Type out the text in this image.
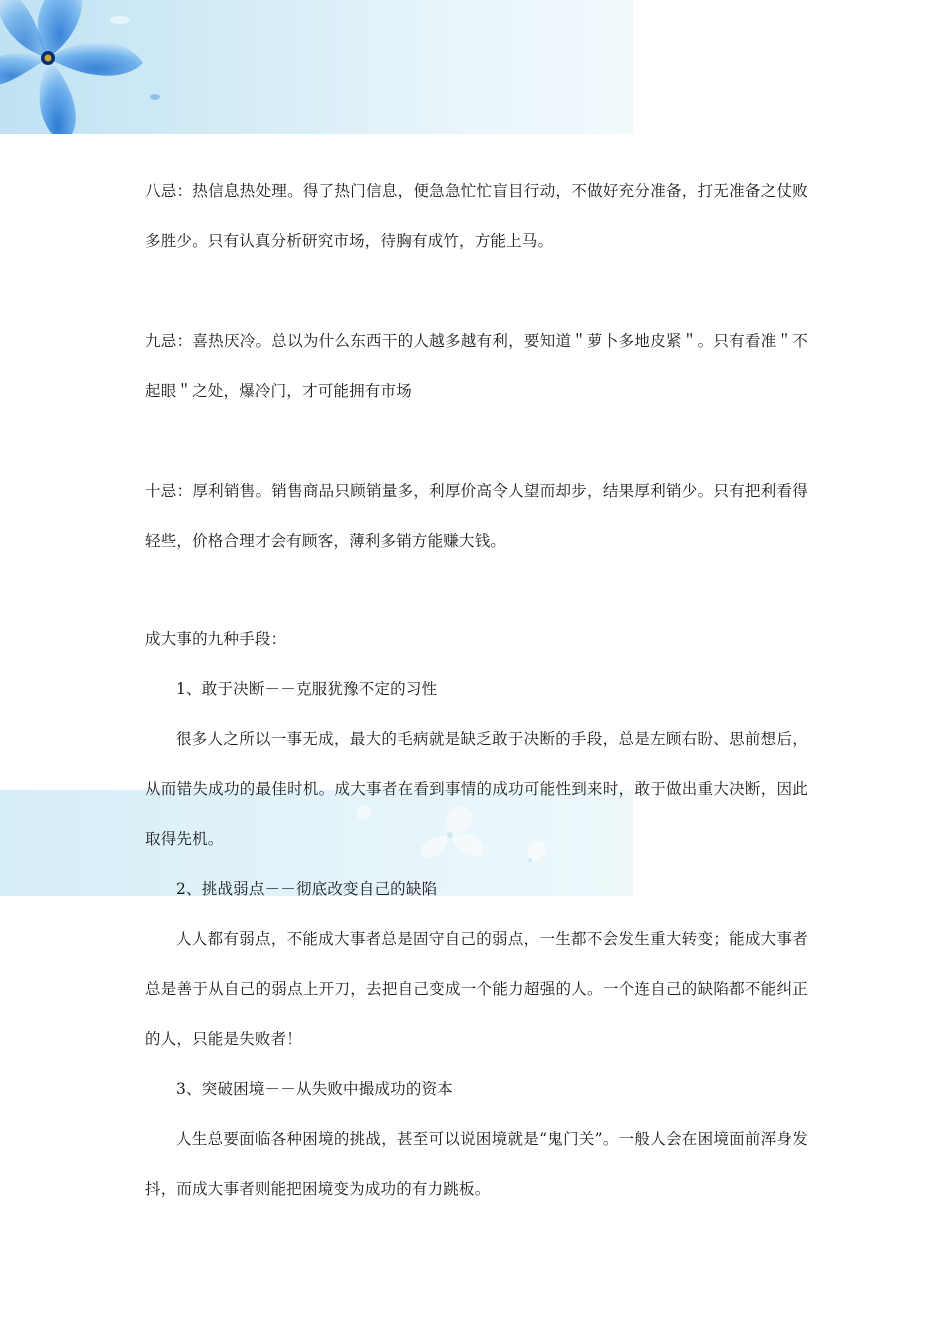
八忌：热信息热处理。得了热门信息，便急急忙忙盲目行动，不做好充分准备，打无准备之仗败多胜少。只有认真分析研究市场，待胸有成竹，方能上马。

九忌：喜热厌冷。总以为什么东西干的人越多越有利，要知道＂萝卜多地皮紧＂。只有看准＂不起眼＂之处，爆冷门，才可能拥有市场

十忌：厚利销售。销售商品只顾销量多，利厚价高令人望而却步，结果厚利销少。只有把利看得轻些，价格合理才会有顾客，薄利多销方能赚大钱。

成大事的九种手段：

1、敢于决断－－克服犹豫不定的习性

很多人之所以一事无成，最大的毛病就是缺乏敢于决断的手段，总是左顾右盼、思前想后，从而错失成功的最佳时机。成大事者在看到事情的成功可能性到来时，敢于做出重大决断，因此取得先机。

2、挑战弱点－－彻底改变自己的缺陷

人人都有弱点，不能成大事者总是固守自己的弱点，一生都不会发生重大转变；能成大事者总是善于从自己的弱点上开刀，去把自己变成一个能力超强的人。一个连自己的缺陷都不能纠正的人，只能是失败者！

3、突破困境－－从失败中撮成功的资本

人生总要面临各种困境的挑战，甚至可以说困境就是“鬼门关”。一般人会在困境面前浑身发抖，而成大事者则能把困境变为成功的有力跳板。
